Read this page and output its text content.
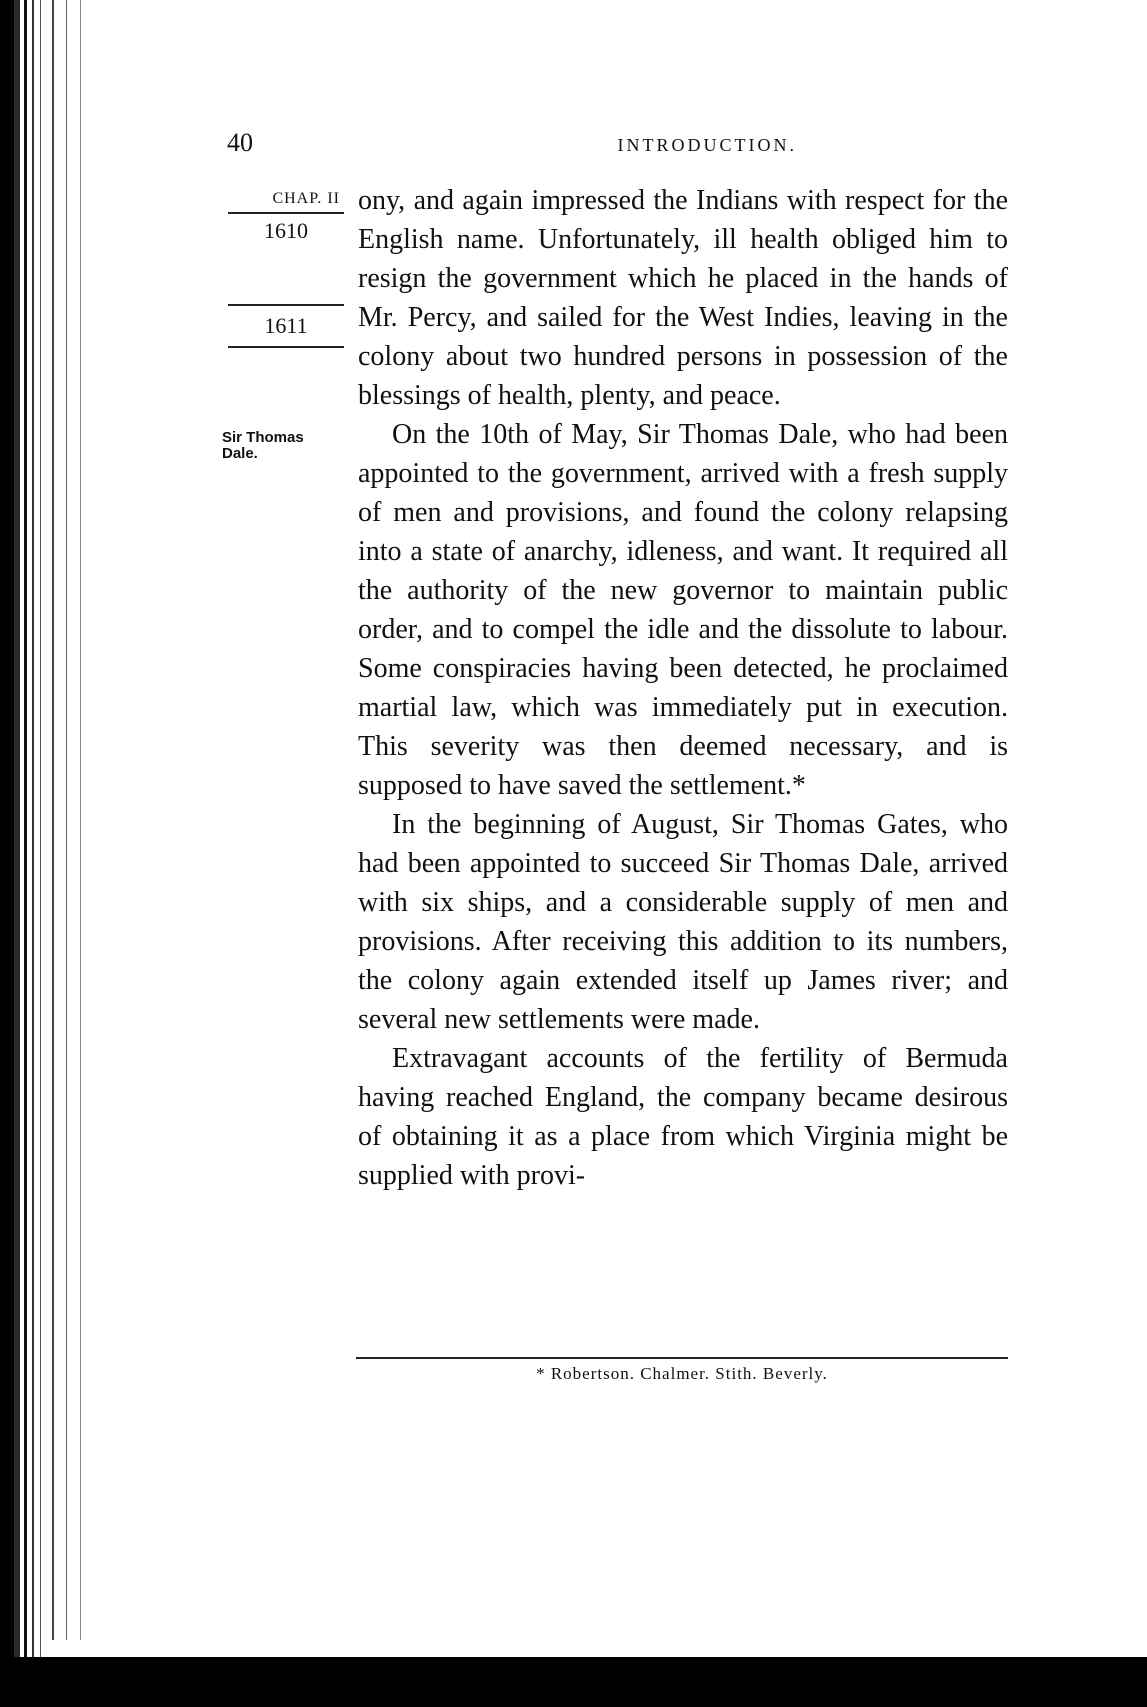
40	INTRODUCTION.
CHAP. II
1610
1611
Sir Thomas Dale.

ony, and again impressed the Indians with respect for the English name. Unfortunately, ill health obliged him to resign the government which he placed in the hands of Mr. Percy, and sailed for the West Indies, leaving in the colony about two hundred persons in possession of the blessings of health, plenty, and peace.

On the 10th of May, Sir Thomas Dale, who had been appointed to the government, arrived with a fresh supply of men and provisions, and found the colony relapsing into a state of anarchy, idleness, and want. It required all the authority of the new governor to maintain public order, and to compel the idle and the dissolute to labour. Some conspiracies having been detected, he proclaimed martial law, which was immediately put in execution. This severity was then deemed necessary, and is supposed to have saved the settlement.*

In the beginning of August, Sir Thomas Gates, who had been appointed to succeed Sir Thomas Dale, arrived with six ships, and a considerable supply of men and provisions. After receiving this addition to its numbers, the colony again extended itself up James river; and several new settlements were made.

Extravagant accounts of the fertility of Bermuda having reached England, the company became desirous of obtaining it as a place from which Virginia might be supplied with provi-

* Robertson. Chalmer. Stith. Beverly.
